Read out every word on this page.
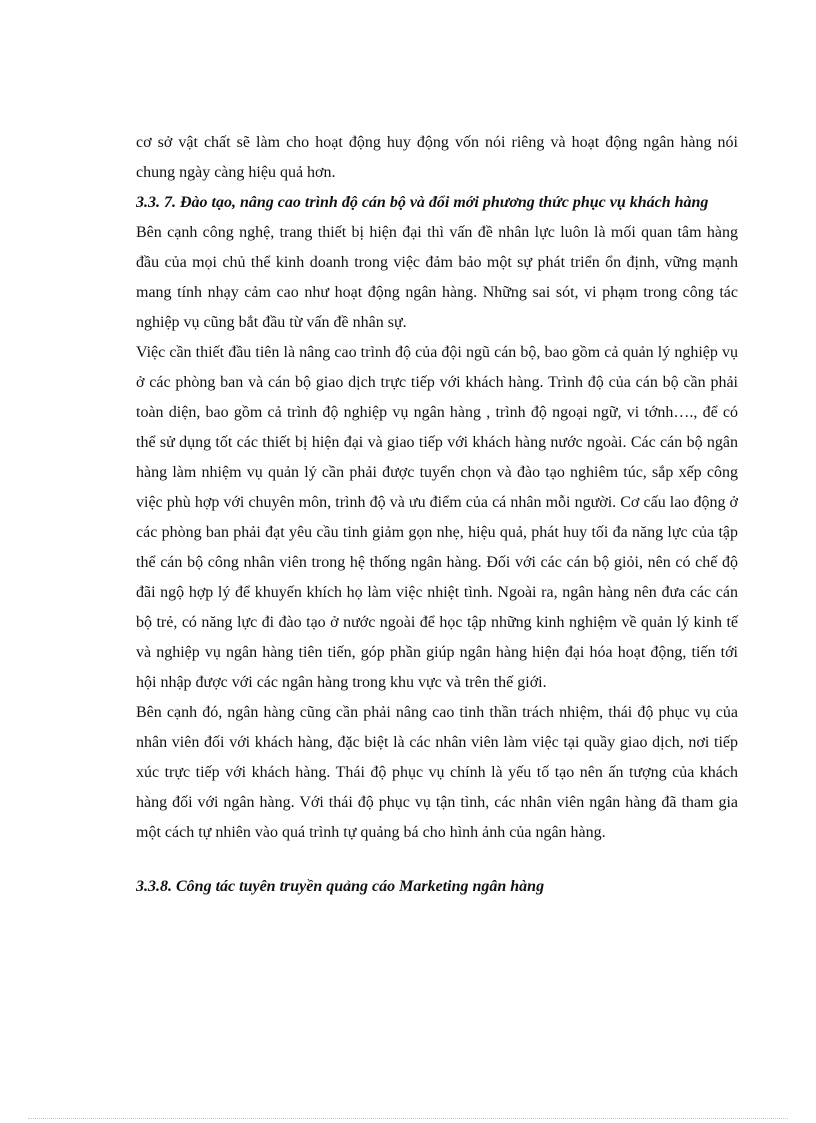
cơ sở vật chất sẽ làm cho hoạt động huy động vốn nói riêng và hoạt động ngân hàng nói chung ngày càng hiệu quả hơn.

3.3. 7. Đào tạo, nâng cao trình độ cán bộ và đổi mới phương thức phục vụ khách hàng

Bên cạnh công nghệ, trang thiết bị hiện đại thì vấn đề nhân lực luôn là mối quan tâm hàng đầu của mọi chủ thể kinh doanh trong việc đảm bảo một sự phát triển ổn định, vững mạnh mang tính nhạy cảm cao như hoạt động ngân hàng. Những sai sót, vi phạm trong công tác nghiệp vụ cũng bắt đầu từ vấn đề nhân sự.

Việc cần thiết đầu tiên là nâng cao trình độ của đội ngũ cán bộ, bao gồm cả quản lý nghiệp vụ ở các phòng ban và cán bộ giao dịch trực tiếp với khách hàng. Trình độ của cán bộ cần phải toàn diện, bao gồm cả trình độ nghiệp vụ ngân hàng , trình độ ngoại ngữ, vi tớnh…., để có thể sử dụng tốt các thiết bị hiện đại và giao tiếp với khách hàng nước ngoài. Các cán bộ ngân hàng làm nhiệm vụ quản lý cần phải được tuyển chọn và đào tạo nghiêm túc, sắp xếp công việc phù hợp với chuyên môn, trình độ và ưu điểm của cá nhân mỗi người. Cơ cấu lao động ở các phòng ban phải đạt yêu cầu tinh giảm gọn nhẹ, hiệu quả, phát huy tối đa năng lực của tập thể cán bộ công nhân viên trong hệ thống ngân hàng. Đối với các cán bộ giỏi, nên có chế độ đãi ngộ hợp lý để khuyến khích họ làm việc nhiệt tình. Ngoài ra, ngân hàng nên đưa các cán bộ trẻ, có năng lực đi đào tạo ở nước ngoài để học tập những kinh nghiệm về quản lý kinh tế và nghiệp vụ ngân hàng tiên tiến, góp phần giúp ngân hàng hiện đại hóa hoạt động, tiến tới hội nhập được với các ngân hàng trong khu vực và trên thế giới.

Bên cạnh đó, ngân hàng cũng cần phải nâng cao tinh thần trách nhiệm, thái độ phục vụ của nhân viên đối với khách hàng, đặc biệt là các nhân viên làm việc tại quầy giao dịch, nơi tiếp xúc trực tiếp với khách hàng. Thái độ phục vụ chính là yếu tố tạo nên ấn tượng của khách hàng đối với ngân hàng. Với thái độ phục vụ tận tình, các nhân viên ngân hàng đã tham gia một cách tự nhiên vào quá trình tự quảng bá cho hình ảnh của ngân hàng.

3.3.8. Công tác tuyên truyền quảng cáo Marketing ngân hàng
